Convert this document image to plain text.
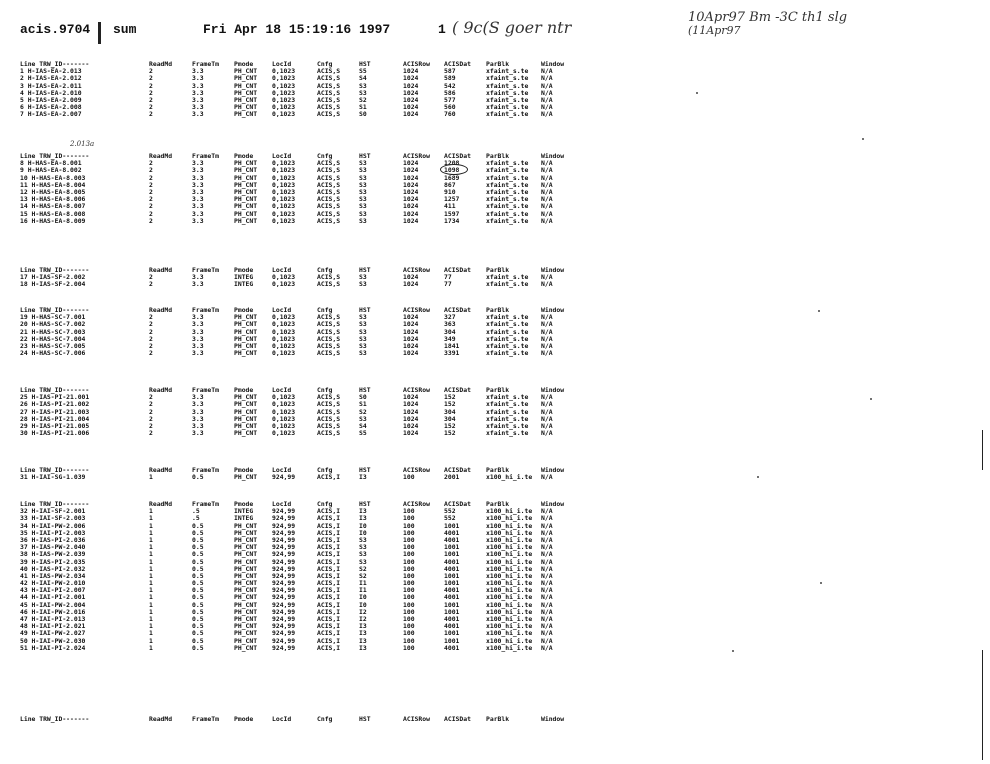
acis.9704 sum	Fri Apr 18 15:19:16 1997	1 ( 9c(S goer ntr
10Apr97 Bm -3C th1 slg
(11Apr97
Line TRW_ID-------	ReadMd	FrameTm Pmode	LocId	Cnfg	HST	ACISRow ACISDat ParBlk	Window
1 H-IAS-EA-2.013	2	3.3	PH_CNT 0,1023	ACIS,S	S5	1024	587	xfaint_s.te N/A
2 H-IAS-EA-2.012	2	3.3	PH_CNT 0,1023	ACIS,S	S4	1024	589	xfaint_s.te N/A
3 H-IAS-EA-2.011	2	3.3	PH_CNT 0,1023	ACIS,S	S3	1024	542	xfaint_s.te N/A
4 H-IAS-EA-2.010	2	3.3	PH_CNT 0,1023	ACIS,S	S3	1024	586	xfaint_s.te N/A
5 H-IAS-EA-2.009	2	3.3	PH_CNT 0,1023	ACIS,S	S2	1024	577	xfaint_s.te N/A
6 H-IAS-EA-2.008	2	3.3	PH_CNT 0,1023	ACIS,S	S1	1024	560	xfaint_s.te N/A
7 H-IAS-EA-2.007	2	3.3	PH_CNT 0,1023	ACIS,S	S0	1024	760	xfaint_s.te N/A
Line TRW_ID-------	ReadMd	FrameTm Pmode	LocId	Cnfg	HST	ACISRow ACISDat ParBlk	Window
8 H-HAS-EA-8.001	2	3.3	PH_CNT 0,1023	ACIS,S	S3	1024	1208	xfaint_s.te N/A
9 H-HAS-EA-8.002	2	3.3	PH_CNT 0,1023	ACIS,S	S3	1024	1098	xfaint_s.te N/A
10 H-HAS-EA-8.003	2	3.3	PH_CNT 0,1023	ACIS,S	S3	1024	1689	xfaint_s.te N/A
11 H-HAS-EA-8.004	2	3.3	PH_CNT 0,1023	ACIS,S	S3	1024	867	xfaint_s.te N/A
12 H-HAS-EA-8.005	2	3.3	PH_CNT 0,1023	ACIS,S	S3	1024	910	xfaint_s.te N/A
13 H-HAS-EA-8.006	2	3.3	PH_CNT 0,1023	ACIS,S	S3	1024	1257	xfaint_s.te N/A
14 H-HAS-EA-8.007	2	3.3	PH_CNT 0,1023	ACIS,S	S3	1024	411	xfaint_s.te N/A
15 H-HAS-EA-8.008	2	3.3	PH_CNT 0,1023	ACIS,S	S3	1024	1597	xfaint_s.te N/A
16 H-HAS-EA-8.009	2	3.3	PH_CNT 0,1023	ACIS,S	S3	1024	1734	xfaint_s.te N/A
Line TRW_ID-------	ReadMd	FrameTm Pmode	LocId	Cnfg	HST	ACISRow ACISDat ParBlk	Window
17 H-IAS-SF-2.002	2	3.3	INTEG	0,1023	ACIS,S	S3	1024	77	xfaint_s.te N/A
18 H-IAS-SF-2.004	2	3.3	INTEG	0,1023	ACIS,S	S3	1024	77	xfaint_s.te N/A
Line TRW_ID-------	ReadMd	FrameTm Pmode	LocId	Cnfg	HST	ACISRow ACISDat ParBlk	Window
19 H-HAS-SC-7.001	2	3.3	PH_CNT 0,1023	ACIS,S	S3	1024	327	xfaint_s.te N/A
20 H-HAS-SC-7.002	2	3.3	PH_CNT 0,1023	ACIS,S	S3	1024	363	xfaint_s.te N/A
21 H-HAS-SC-7.003	2	3.3	PH_CNT 0,1023	ACIS,S	S3	1024	304	xfaint_s.te N/A
22 H-HAS-SC-7.004	2	3.3	PH_CNT 0,1023	ACIS,S	S3	1024	349	xfaint_s.te N/A
23 H-HAS-SC-7.005	2	3.3	PH_CNT 0,1023	ACIS,S	S3	1024	1841	xfaint_s.te N/A
24 H-HAS-SC-7.006	2	3.3	PH_CNT 0,1023	ACIS,S	S3	1024	3391	xfaint_s.te N/A
Line TRW_ID-------	ReadMd	FrameTm Pmode	LocId	Cnfg	HST	ACISRow ACISDat ParBlk	Window
25 H-IAS-PI-21.001	2	3.3	PH_CNT 0,1023	ACIS,S	S0	1024	152	xfaint_s.te N/A
26 H-IAS-PI-21.002	2	3.3	PH_CNT 0,1023	ACIS,S	S1	1024	152	xfaint_s.te N/A
27 H-IAS-PI-21.003	2	3.3	PH_CNT 0,1023	ACIS,S	S2	1024	304	xfaint_s.te N/A
28 H-IAS-PI-21.004	2	3.3	PH_CNT 0,1023	ACIS,S	S3	1024	304	xfaint_s.te N/A
29 H-IAS-PI-21.005	2	3.3	PH_CNT 0,1023	ACIS,S	S4	1024	152	xfaint_s.te N/A
30 H-IAS-PI-21.006	2	3.3	PH_CNT 0,1023	ACIS,S	S5	1024	152	xfaint_s.te N/A
Line TRW_ID-------	ReadMd	FrameTm Pmode	LocId	Cnfg	HST	ACISRow ACISDat ParBlk	Window
31 H-IAI-SG-1.039	1	0.5	PH_CNT 924,99	ACIS,I	I3	100	2001	x100_hi_i.te N/A
Line TRW_ID-------	ReadMd	FrameTm Pmode	LocId	Cnfg	HST	ACISRow ACISDat ParBlk	Window
32 H-IAI-SF-2.001	1	.5	INTEG	924,99	ACIS,I	I3	100	552	x100_hi_i.te N/A
33 H-IAI-SF-2.003	1	.5	INTEG	924,99	ACIS,I	I3	100	552	x100_hi_i.te N/A
34 H-IAI-PW-2.006	1	0.5	PH_CNT 924,99	ACIS,I	I0	100	1001	x100_hi_i.te N/A
35 H-IAI-PI-2.003	1	0.5	PH_CNT 924,99	ACIS,I	I0	100	4001	x100_hi_i.te N/A
36 H-IAS-PI-2.036	1	0.5	PH_CNT 924,99	ACIS,I	S3	100	4001	x100_hi_i.te N/A
37 H-IAS-PW-2.040	1	0.5	PH_CNT 924,99	ACIS,I	S3	100	1001	x100_hi_i.te N/A
38 H-IAS-PW-2.039	1	0.5	PH_CNT 924,99	ACIS,I	S3	100	1001	x100_hi_i.te N/A
39 H-IAS-PI-2.035	1	0.5	PH_CNT 924,99	ACIS,I	S3	100	4001	x100_hi_i.te N/A
40 H-IAS-PI-2.032	1	0.5	PH_CNT 924,99	ACIS,I	S2	100	4001	x100_hi_i.te N/A
41 H-IAS-PW-2.034	1	0.5	PH_CNT 924,99	ACIS,I	S2	100	1001	x100_hi_i.te N/A
42 H-IAI-PW-2.010	1	0.5	PH_CNT 924,99	ACIS,I	I1	100	1001	x100_hi_i.te N/A
43 H-IAI-PI-2.007	1	0.5	PH_CNT 924,99	ACIS,I	I1	100	4001	x100_hi_i.te N/A
44 H-IAI-PI-2.001	1	0.5	PH_CNT 924,99	ACIS,I	I0	100	4001	x100_hi_i.te N/A
45 H-IAI-PW-2.004	1	0.5	PH_CNT 924,99	ACIS,I	I0	100	1001	x100_hi_i.te N/A
46 H-IAI-PW-2.016	1	0.5	PH_CNT 924,99	ACIS,I	I2	100	1001	x100_hi_i.te N/A
47 H-IAI-PI-2.013	1	0.5	PH_CNT 924,99	ACIS,I	I2	100	4001	x100_hi_i.te N/A
48 H-IAI-PI-2.021	1	0.5	PH_CNT 924,99	ACIS,I	I3	100	4001	x100_hi_i.te N/A
49 H-IAI-PW-2.027	1	0.5	PH_CNT 924,99	ACIS,I	I3	100	1001	x100_hi_i.te N/A
50 H-IAI-PW-2.030	1	0.5	PH_CNT 924,99	ACIS,I	I3	100	1001	x100_hi_i.te N/A
51 H-IAI-PI-2.024	1	0.5	PH_CNT 924,99	ACIS,I	I3	100	4001	x100_hi_i.te N/A
Line TRW_ID-------	ReadMd	FrameTm Pmode	LocId	Cnfg	HST	ACISRow ACISDat ParBlk	Window
2.013a
